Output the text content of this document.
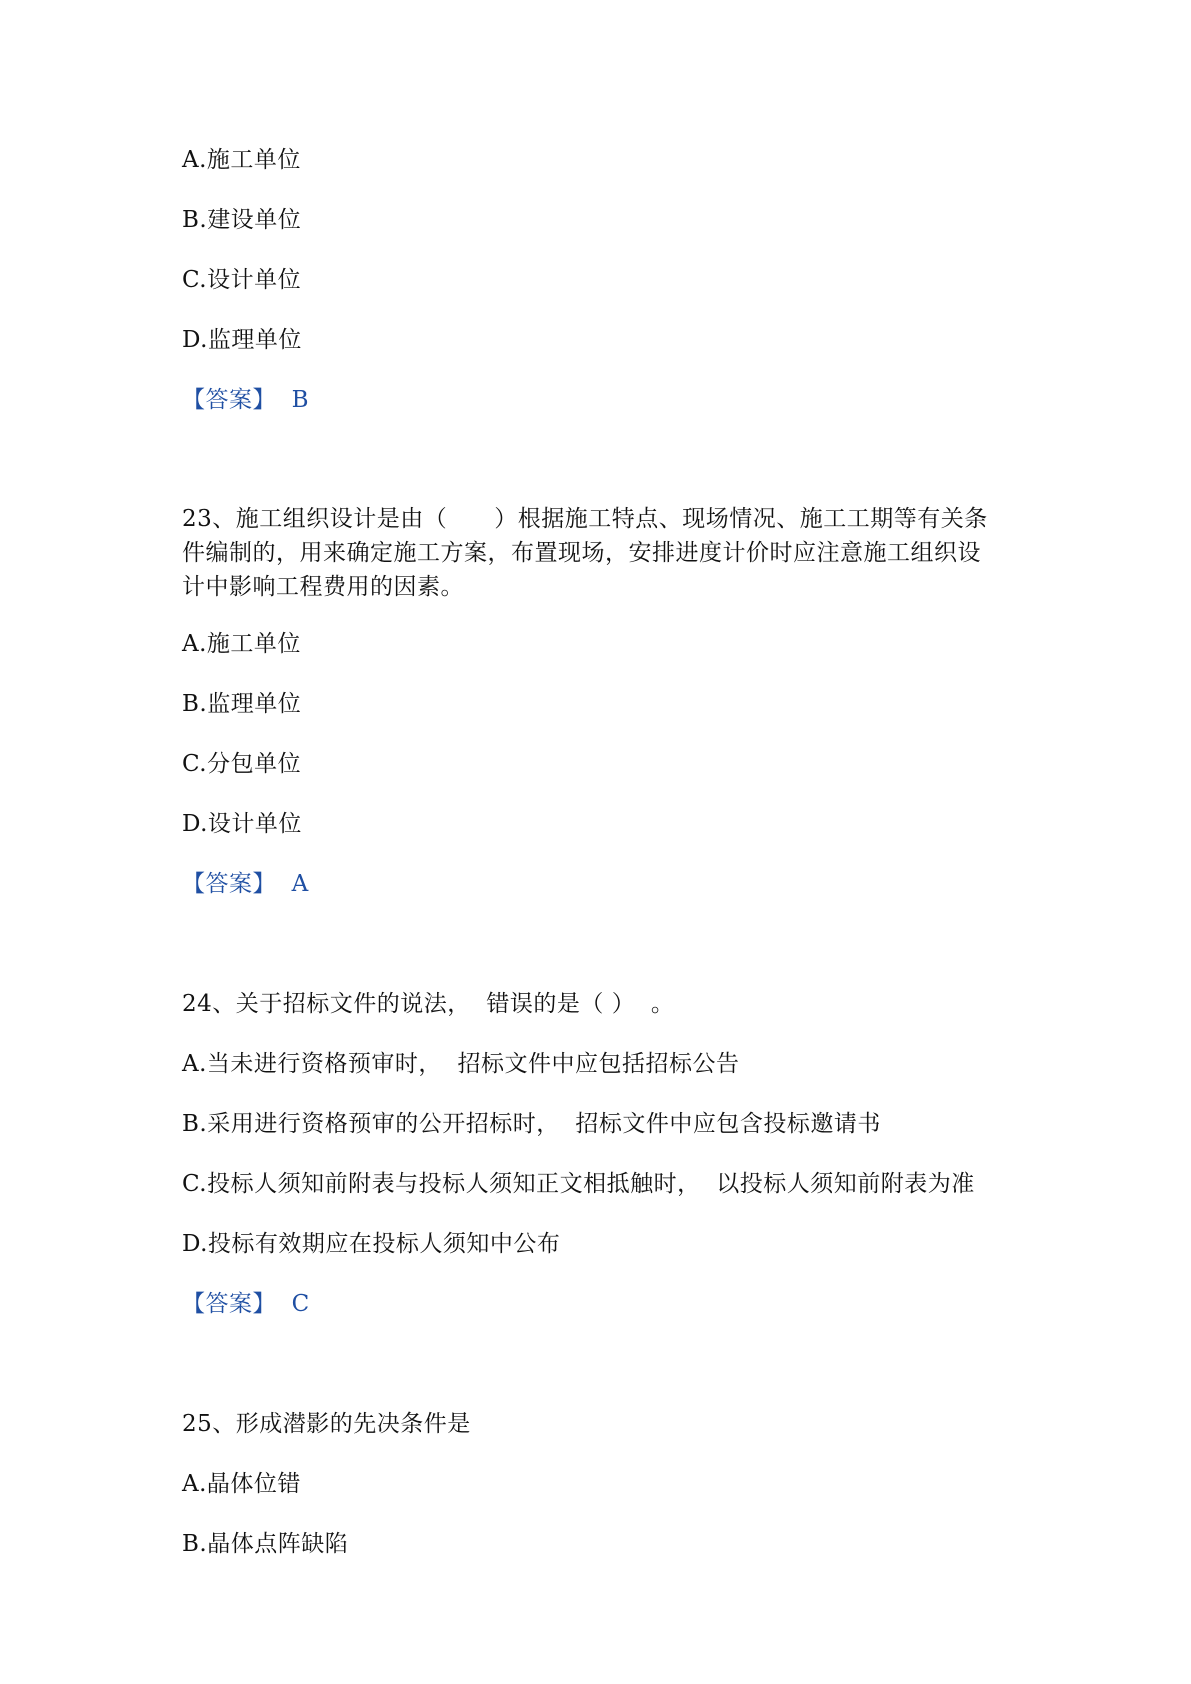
A.施工单位
B.建设单位
C.设计单位
D.监理单位
【答案】 B
23、施工组织设计是由（　　）根据施工特点、现场情况、施工工期等有关条
件编制的，用来确定施工方案，布置现场，安排进度计价时应注意施工组织设
计中影响工程费用的因素。
A.施工单位
B.监理单位
C.分包单位
D.设计单位
【答案】 A
24、关于招标文件的说法，  错误的是（ ）  。
A.当未进行资格预审时，  招标文件中应包括招标公告
B.采用进行资格预审的公开招标时，  招标文件中应包含投标邀请书
C.投标人须知前附表与投标人须知正文相抵触时，  以投标人须知前附表为准
D.投标有效期应在投标人须知中公布
【答案】 C
25、形成潜影的先决条件是
A.晶体位错
B.晶体点阵缺陷
